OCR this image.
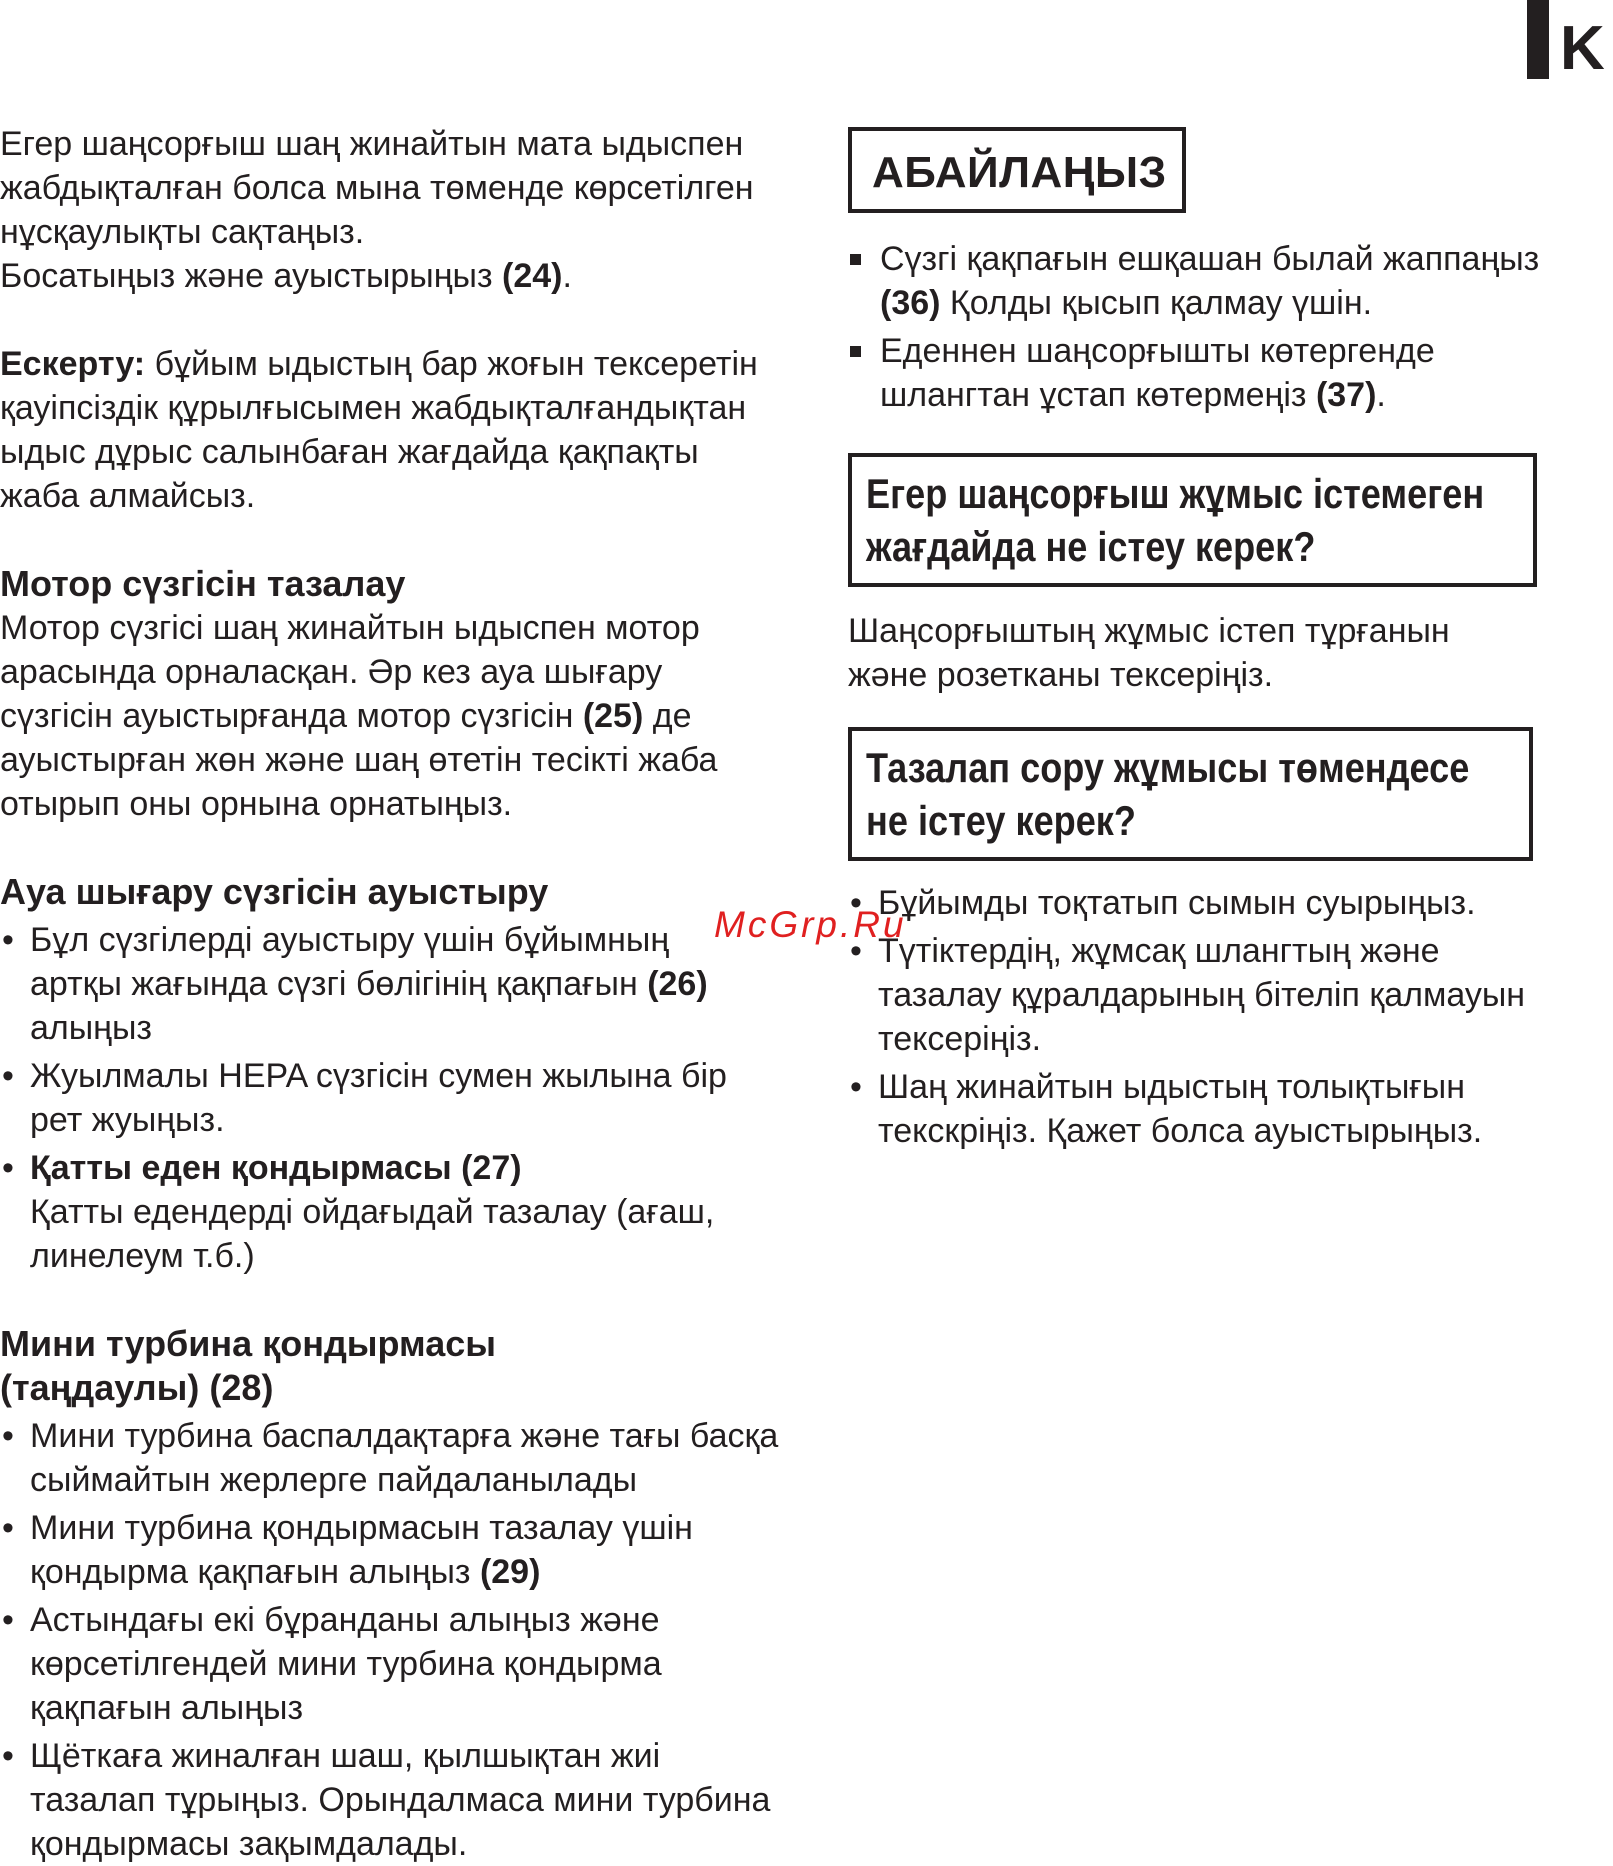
K

Егер шаңсорғыш шаң жинайтын мата ыдыспен
жабдықталған болса мына төменде көрсетілген
нұсқаулықты сақтаңыз.
Босатыңыз және ауыстырыңыз (24).

Ескерту: бұйым ыдыстың бар жоғын тексеретін
қауіпсіздік құрылғысымен жабдықталғандықтан
ыдыс дұрыс салынбаған жағдайда қақпақты
жаба алмайсыз.

Мотор сүзгісін тазалау

Мотор сүзгісі шаң жинайтын ыдыспен мотор
арасында орналасқан. Әр кез ауа шығару
сүзгісін ауыстырғанда мотор сүзгісін (25) де
ауыстырған жөн және шаң өтетін тесікті жаба
отырып оны орнына орнатыңыз.

Ауа шығару сүзгісін ауыстыру
• Бұл сүзгілерді ауыстыру үшін бұйымның
артқы жағында сүзгі бөлігінің қақпағын (26)
алыңыз
• Жуылмалы HEPA сүзгісін сумен жылына бір
рет жуыңыз.
• Қатты еден қондырмасы (27)
Қатты едендерді ойдағыдай тазалау (ағаш,
линелеум т.б.)
Мини турбина қондырмасы
(таңдаулы) (28)
• Мини турбина баспалдақтарға және тағы басқа
сыймайтын жерлерге пайдаланылады
• Мини турбина қондырмасын тазалау үшін
қондырма қақпағын алыңыз (29)
• Астындағы екі бұранданы алыңыз және
көрсетілгендей мини турбина қондырма
қақпағын алыңыз
• Щёткаға жиналған шаш, қылшықтан жиі
тазалап тұрыңыз. Орындалмаса мини турбина
қондырмасы зақымдалады.
АБАЙЛАҢЫЗ
Сүзгі қақпағын ешқашан былай жаппаңыз
(36) Қолды қысып қалмау үшін.
Еденнен шаңсорғышты көтергенде
шлангтан ұстап көтермеңіз (37).
Егер шаңсорғыш жұмыс істемеген
жағдайда не істеу керек?

Шаңсорғыштың жұмыс істеп тұрғанын
және розетканы тексеріңіз.

Тазалап сору жұмысы төмендесе
не істеу керек?
• Бұйымды тоқтатып сымын суырыңыз.
• Түтіктердің, жұмсақ шлангтың және
тазалау құралдарының бітеліп қалмауын
тексеріңіз.
• Шаң жинайтын ыдыстың толықтығын
текскріңіз. Қажет болса ауыстырыңыз.
McGrp.Ru
